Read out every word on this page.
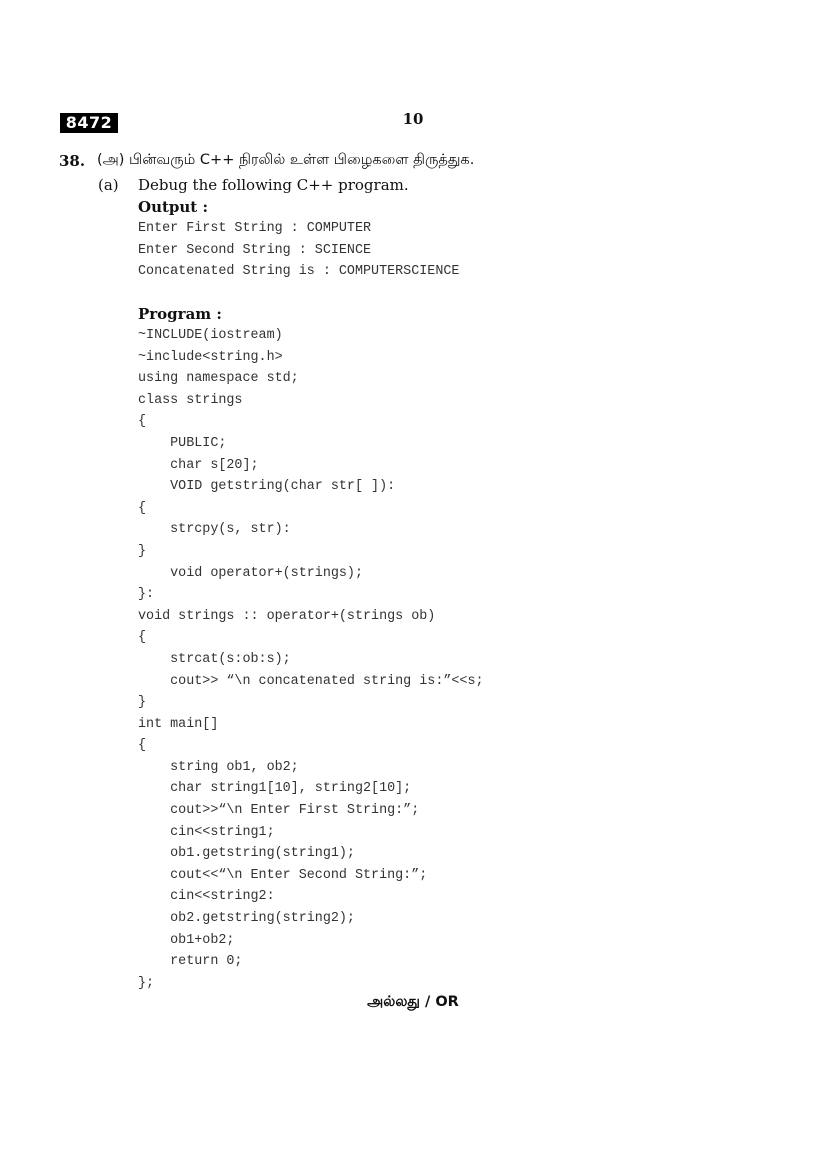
8472	10
38. (அ) பின்வரும் C++ நிரலில் உள்ள பிழைகளை திருத்துக.
(a) Debug the following C++ program.
Output :
Enter First String : COMPUTER
Enter Second String : SCIENCE
Concatenated String is : COMPUTERSCIENCE
Program :
~INCLUDE(iostream)
~include<string.h>
using namespace std;
class strings
{
PUBLIC;
char s[20];
VOID getstring(char str[ ]):
{
strcpy(s, str):
}
void operator+(strings);
}:
void strings :: operator+(strings ob)
{
strcat(s:ob:s);
cout>> “\n concatenated string is:”<<s;
}
int main[]
{
string ob1, ob2;
char string1[10], string2[10];
cout>>“\n Enter First String:”;
cin<<string1;
ob1.getstring(string1);
cout<<“\n Enter Second String:”;
cin<<string2:
ob2.getstring(string2);
ob1+ob2;
return 0;
};
அல்லது / OR
